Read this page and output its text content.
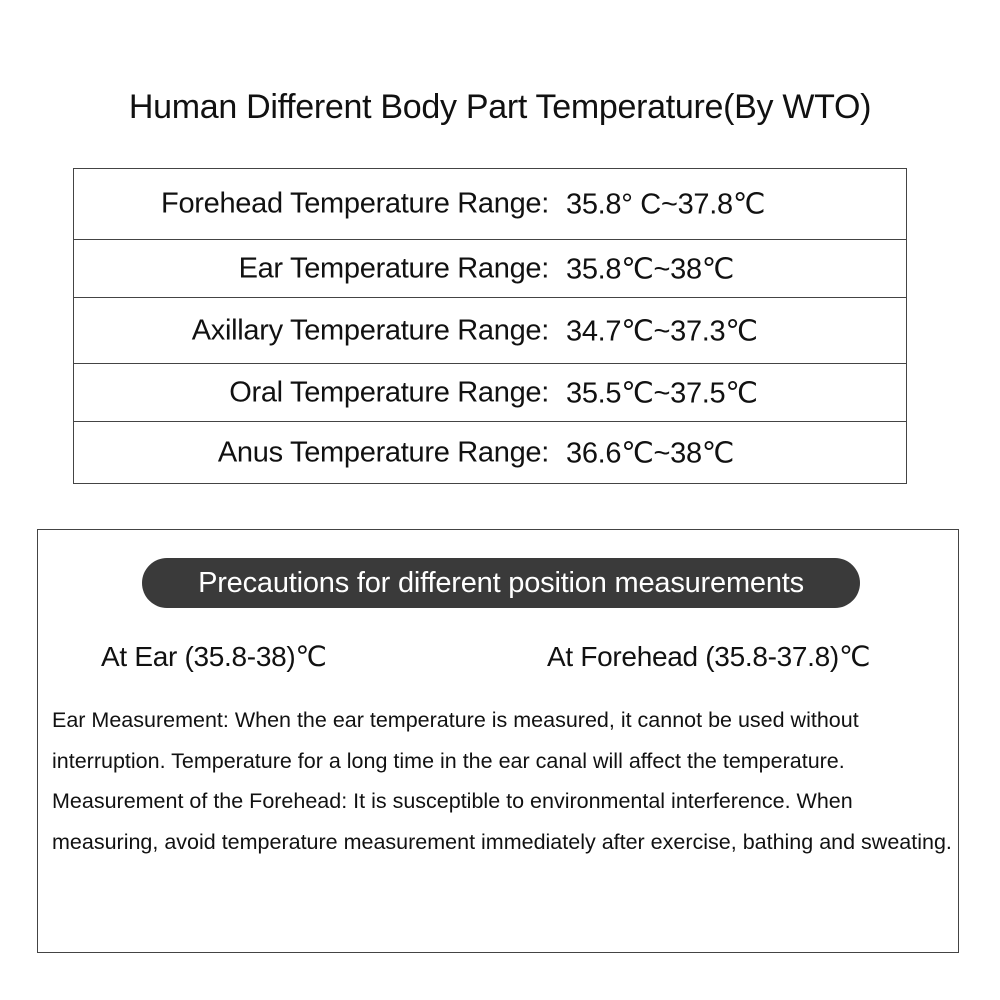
Human Different Body Part Temperature(By WTO)
Forehead Temperature Range: 35.8° C~37.8℃
Ear Temperature Range: 35.8℃~38℃
Axillary Temperature Range: 34.7℃~37.3℃
Oral Temperature Range: 35.5℃~37.5℃
Anus Temperature Range: 36.6℃~38℃
Precautions for different position measurements
At Ear (35.8-38)℃	At Forehead (35.8-37.8)℃

Ear Measurement: When the ear temperature is measured, it cannot be used without interruption. Temperature for a long time in the ear canal will affect the temperature.

Measurement of the Forehead: It is susceptible to environmental interference. When measuring, avoid temperature measurement immediately after exercise, bathing and sweating.
